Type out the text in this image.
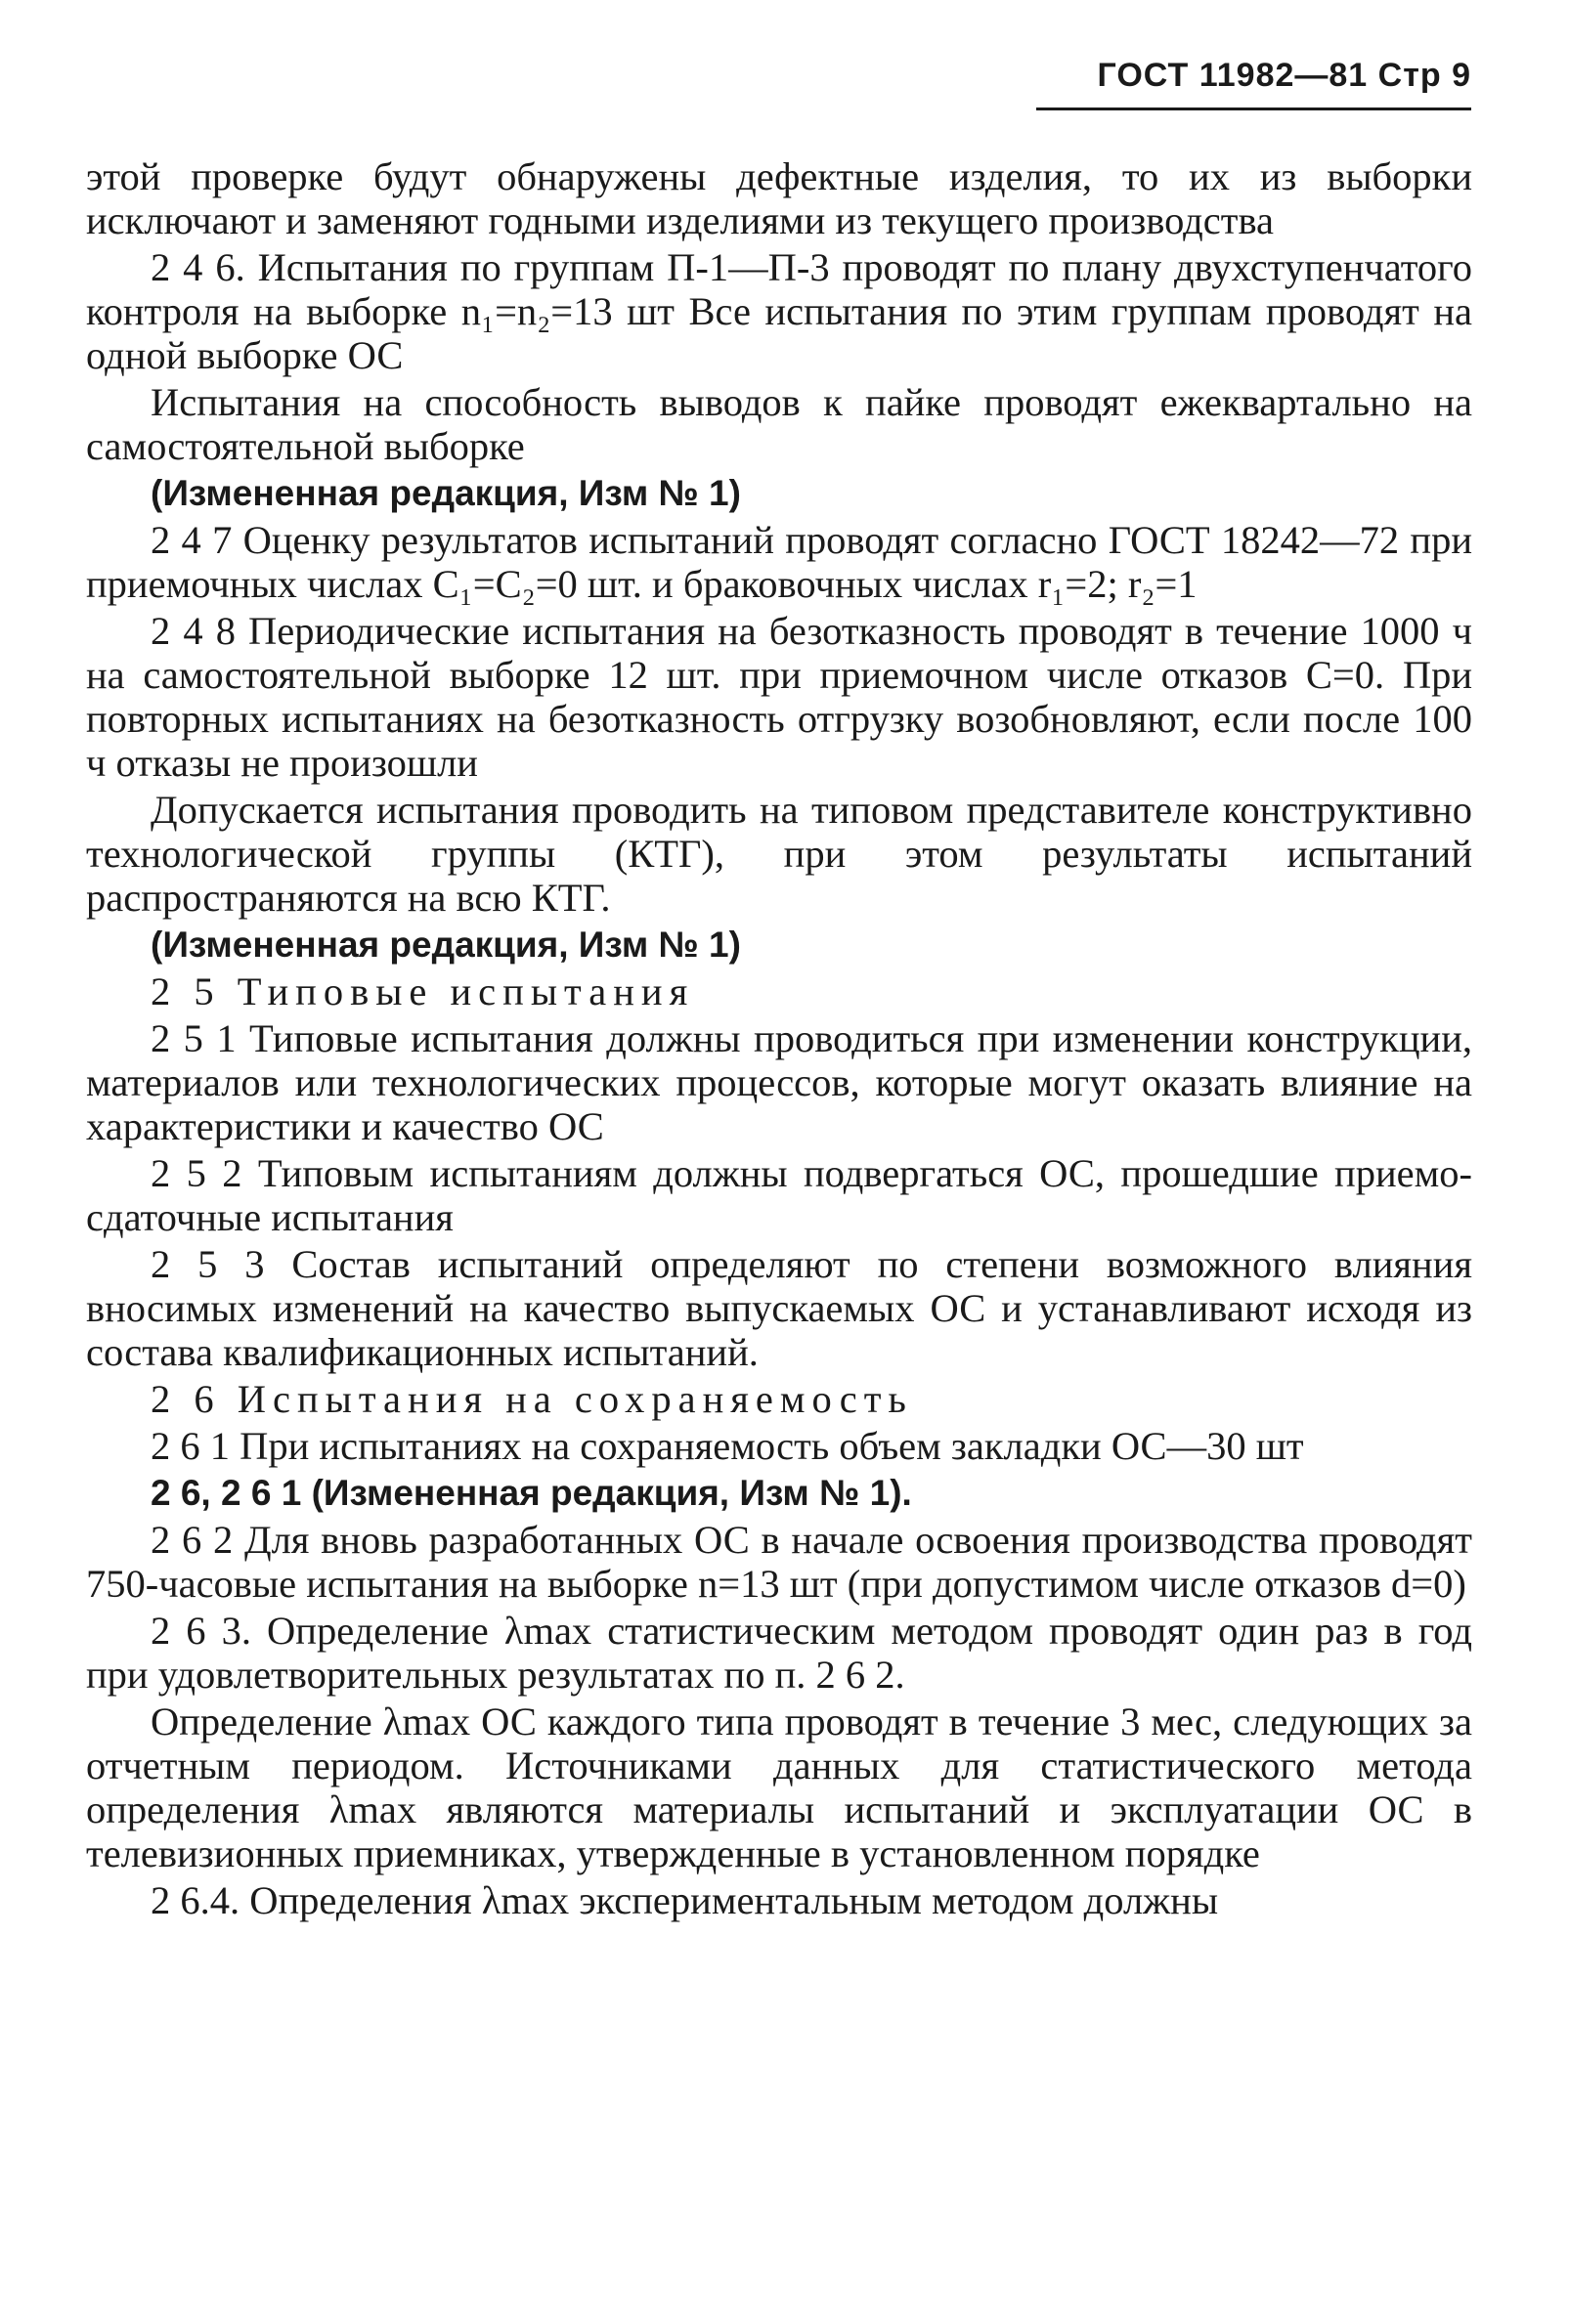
ГОСТ 11982—81 Стр 9

этой проверке будут обнаружены дефектные изделия, то их из выборки исключают и заменяют годными изделиями из текущего производства

2 4 6. Испытания по группам П-1—П-3 проводят по плану двухступенчатого контроля на выборке n₁=n₂=13 шт Все испытания по этим группам проводят на одной выборке ОС

Испытания на способность выводов к пайке проводят ежеквартально на самостоятельной выборке

(Измененная редакция, Изм № 1)

2 4 7 Оценку результатов испытаний проводят согласно ГОСТ 18242—72 при приемочных числах C₁=C₂=0 шт. и браковочных числах r₁=2; r₂=1

2 4 8 Периодические испытания на безотказность проводят в течение 1000 ч на самостоятельной выборке 12 шт. при приемочном числе отказов C=0. При повторных испытаниях на безотказность отгрузку возобновляют, если после 100 ч отказы не произошли

Допускается испытания проводить на типовом представителе конструктивно технологической группы (КТГ), при этом результаты испытаний распространяются на всю КТГ.

(Измененная редакция, Изм № 1)

2 5 Типовые испытания

2 5 1 Типовые испытания должны проводиться при изменении конструкции, материалов или технологических процессов, которые могут оказать влияние на характеристики и качество ОС

2 5 2 Типовым испытаниям должны подвергаться ОС, прошедшие приемо-сдаточные испытания

2 5 3 Состав испытаний определяют по степени возможного влияния вносимых изменений на качество выпускаемых ОС и устанавливают исходя из состава квалификационных испытаний.

2 6 Испытания на сохраняемость

2 6 1 При испытаниях на сохраняемость объем закладки ОС—30 шт

2 6, 2 6 1 (Измененная редакция, Изм № 1).

2 6 2 Для вновь разработанных ОС в начале освоения производства проводят 750-часовые испытания на выборке n=13 шт (при допустимом числе отказов d=0)

2 6 3. Определение λmax статистическим методом проводят один раз в год при удовлетворительных результатах по п. 2 6 2.

Определение λmax ОС каждого типа проводят в течение 3 мес, следующих за отчетным периодом. Источниками данных для статистического метода определения λmax являются материалы испытаний и эксплуатации ОС в телевизионных приемниках, утвержденные в установленном порядке

2 6.4. Определения λmax экспериментальным методом должны
